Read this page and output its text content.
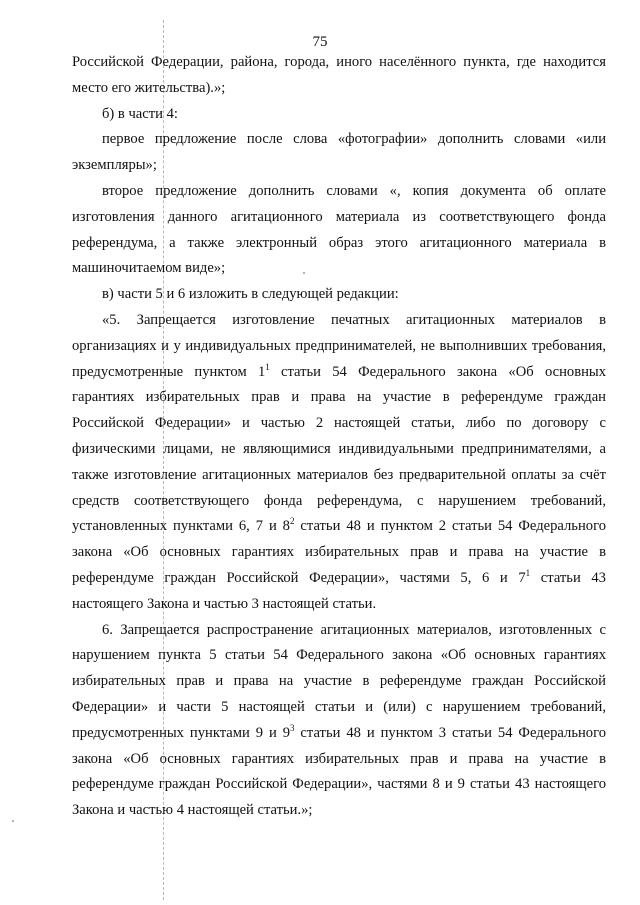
75

Российской Федерации, района, города, иного населённого пункта, где находится место его жительства).»;

б) в части 4:

первое предложение после слова «фотографии» дополнить словами «или экземпляры»;

второе предложение дополнить словами «, копия документа об оплате изготовления данного агитационного материала из соответствующего фонда референдума, а также электронный образ этого агитационного материала в машиночитаемом виде»;

в) части 5 и 6 изложить в следующей редакции:

«5. Запрещается изготовление печатных агитационных материалов в организациях и у индивидуальных предпринимателей, не выполнивших требования, предусмотренные пунктом $1^1$ статьи 54 Федерального закона «Об основных гарантиях избирательных прав и права на участие в референдуме граждан Российской Федерации» и частью 2 настоящей статьи, либо по договору с физическими лицами, не являющимися индивидуальными предпринимателями, а также изготовление агитационных материалов без предварительной оплаты за счёт средств соответствующего фонда референдума, с нарушением требований, установленных пунктами 6, 7 и $8^2$ статьи 48 и пунктом 2 статьи 54 Федерального закона «Об основных гарантиях избирательных прав и права на участие в референдуме граждан Российской Федерации», частями 5, 6 и $7^1$ статьи 43 настоящего Закона и частью 3 настоящей статьи.

6. Запрещается распространение агитационных материалов, изготовленных с нарушением пункта 5 статьи 54 Федерального закона «Об основных гарантиях избирательных прав и права на участие в референдуме граждан Российской Федерации» и части 5 настоящей статьи и (или) с нарушением требований, предусмотренных пунктами 9 и $9^3$ статьи 48 и пунктом 3 статьи 54 Федерального закона «Об основных гарантиях избирательных прав и права на участие в референдуме граждан Российской Федерации», частями 8 и 9 статьи 43 настоящего Закона и частью 4 настоящей статьи.»;
